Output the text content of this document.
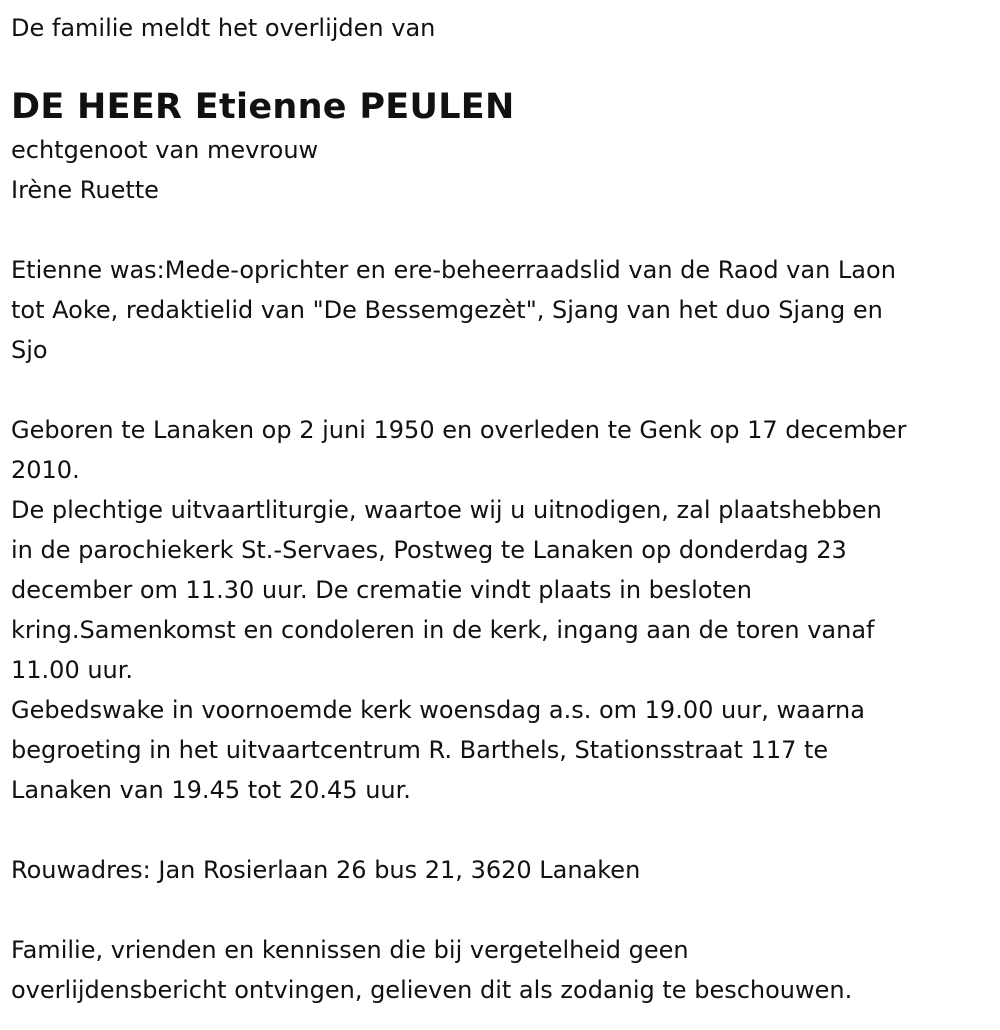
De familie meldt het overlijden van

DE HEER Etienne PEULEN

echtgenoot van mevrouw
Irène Ruette

Etienne was:Mede-oprichter en ere-beheerraadslid van de Raod van Laon
tot Aoke, redaktielid van "De Bessemgezèt", Sjang van het duo Sjang en
Sjo

Geboren te Lanaken op 2 juni 1950 en overleden te Genk op 17 december
2010.
De plechtige uitvaartliturgie, waartoe wij u uitnodigen, zal plaatshebben
in de parochiekerk St.-Servaes, Postweg te Lanaken op donderdag 23
december om 11.30 uur. De crematie vindt plaats in besloten
kring.Samenkomst en condoleren in de kerk, ingang aan de toren vanaf
11.00 uur.
Gebedswake in voornoemde kerk woensdag a.s. om 19.00 uur, waarna
begroeting in het uitvaartcentrum R. Barthels, Stationsstraat 117 te
Lanaken van 19.45 tot 20.45 uur.

Rouwadres: Jan Rosierlaan 26 bus 21, 3620 Lanaken

Familie, vrienden en kennissen die bij vergetelheid geen
overlijdensbericht ontvingen, gelieven dit als zodanig te beschouwen.
